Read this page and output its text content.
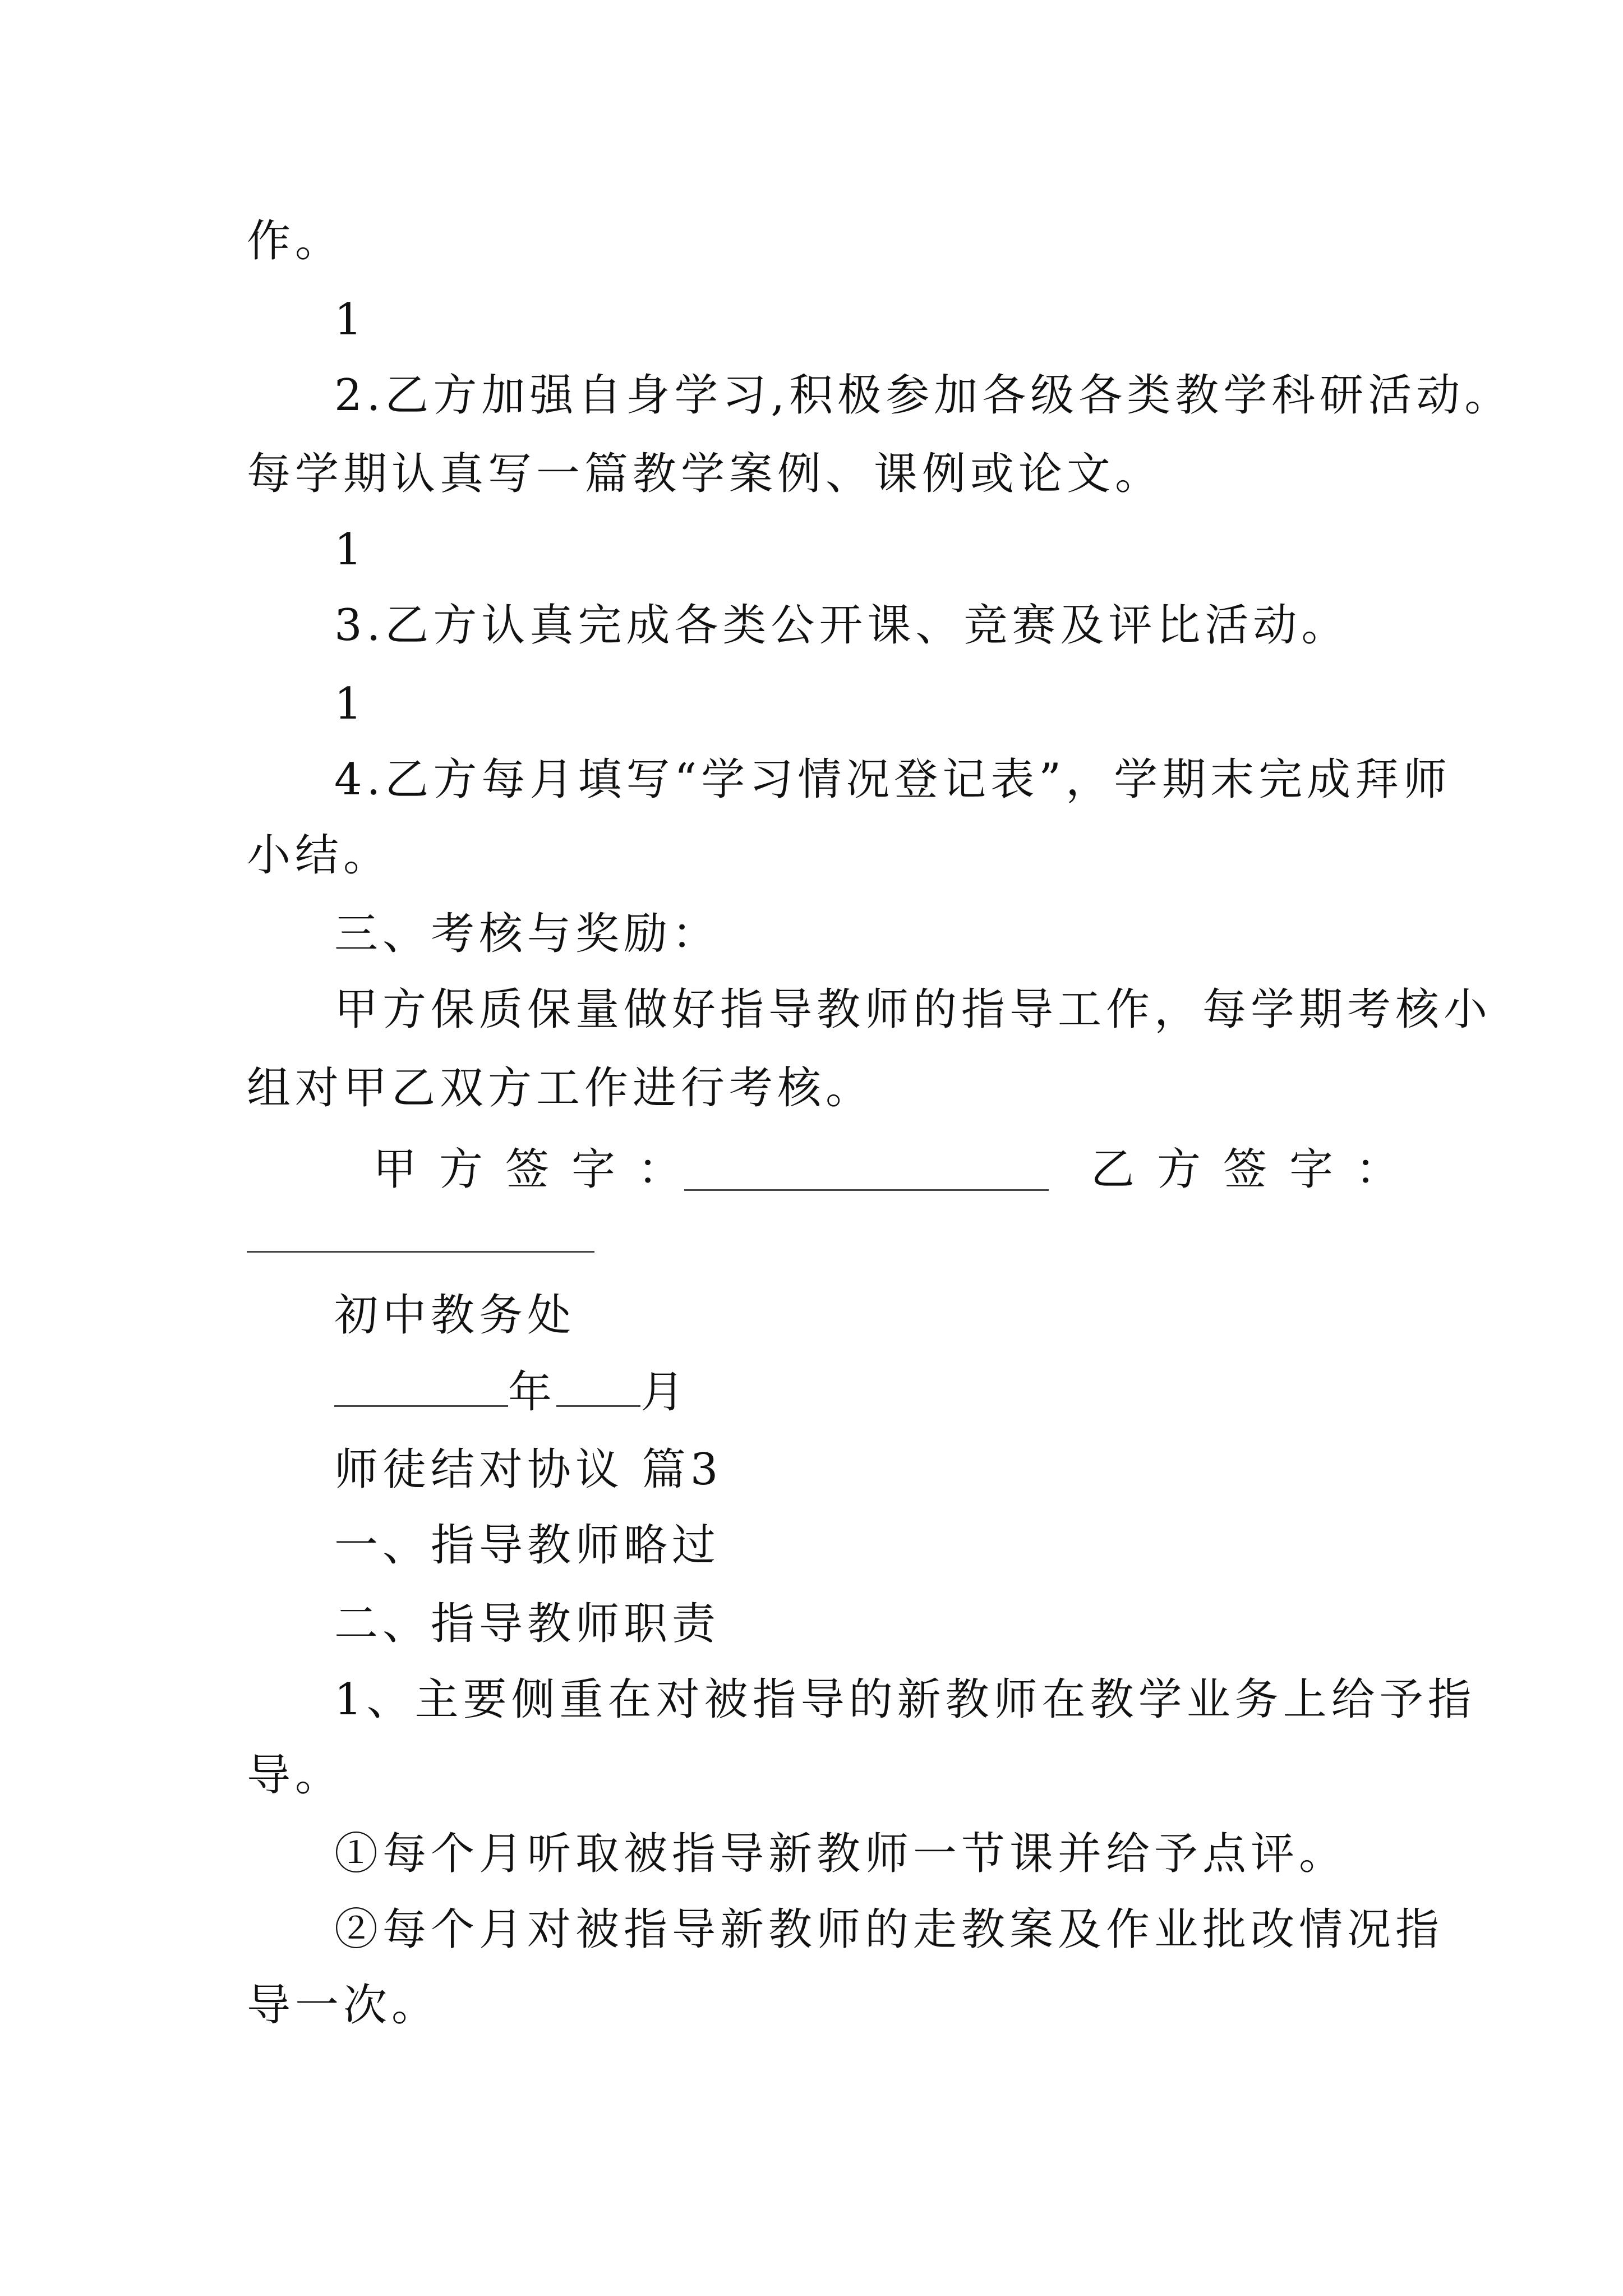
作。

1

2.乙方加强自身学习,积极参加各级各类教学科研活动。

每学期认真写一篇教学案例、课例或论文。

1

3.乙方认真完成各类公开课、竞赛及评比活动。

1

4.乙方每月填写“学习情况登记表”，学期末完成拜师

小结。

三、考核与奖励：

甲方保质保量做好指导教师的指导工作，每学期考核小

组对甲乙双方工作进行考核。

甲方签字：	乙方签字：

初中教务处

年 月

师徒结对协议 篇3

一、指导教师略过

二、指导教师职责

1、主要侧重在对被指导的新教师在教学业务上给予指

导。

①每个月听取被指导新教师一节课并给予点评。

②每个月对被指导新教师的走教案及作业批改情况指

导一次。
